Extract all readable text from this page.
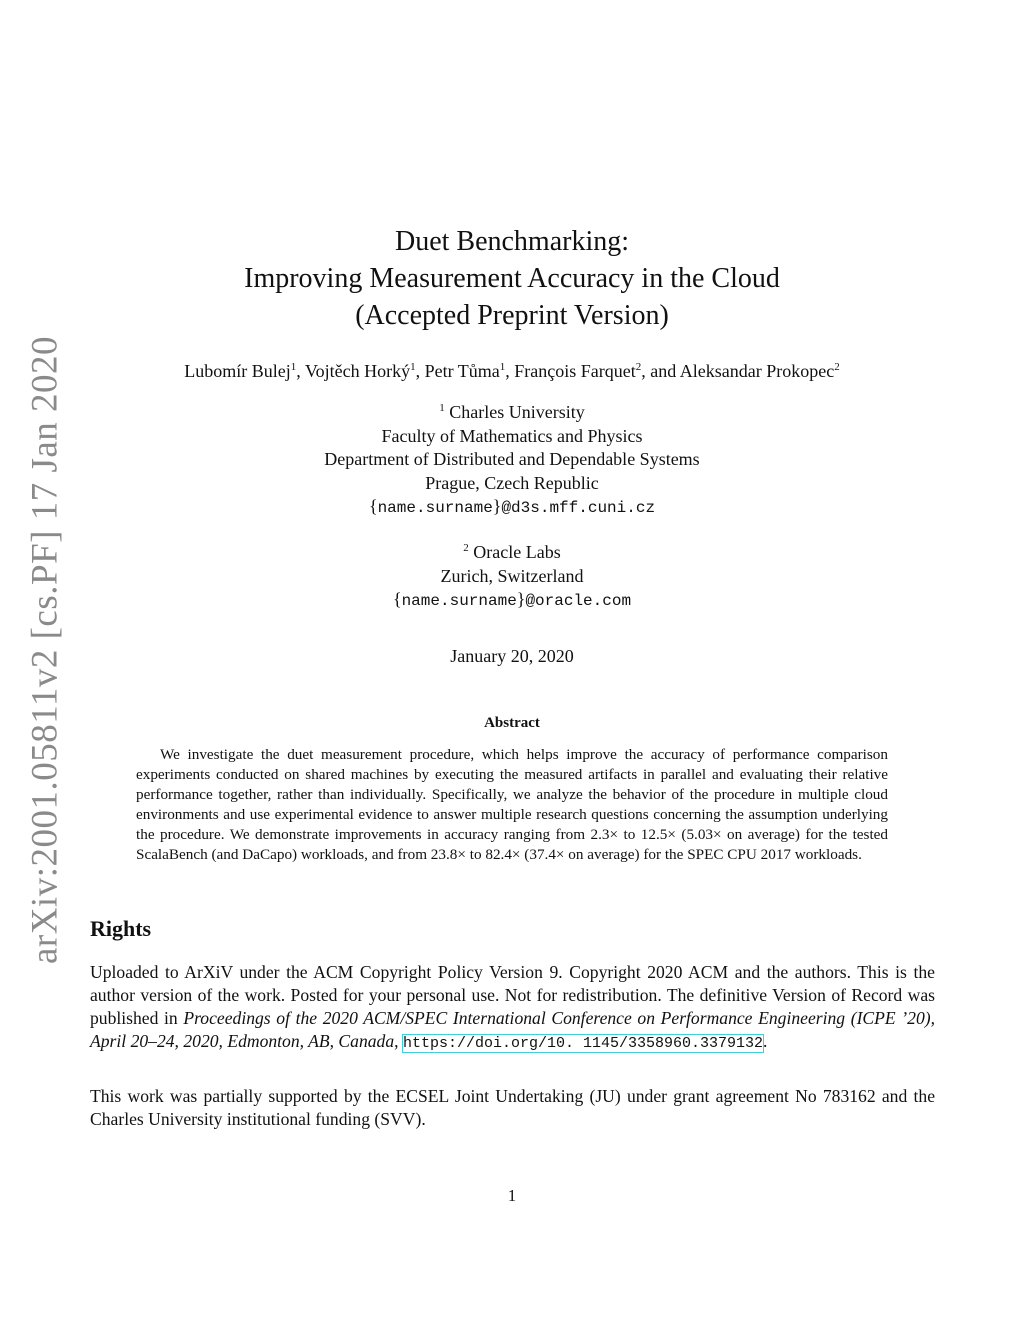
arXiv:2001.05811v2 [cs.PF] 17 Jan 2020
Duet Benchmarking:
Improving Measurement Accuracy in the Cloud
(Accepted Preprint Version)
Lubomír Bulej$^1$, Vojtěch Horký$^1$, Petr Tůma$^1$, François Farquet$^2$, and Aleksandar Prokopec$^2$
$^1$ Charles University
Faculty of Mathematics and Physics
Department of Distributed and Dependable Systems
Prague, Czech Republic
{name.surname}@d3s.mff.cuni.cz
$^2$ Oracle Labs
Zurich, Switzerland
{name.surname}@oracle.com
January 20, 2020
Abstract
We investigate the duet measurement procedure, which helps improve the accuracy of performance comparison experiments conducted on shared machines by executing the measured artifacts in parallel and evaluating their relative performance together, rather than individually. Specifically, we analyze the behavior of the procedure in multiple cloud environments and use experimental evidence to answer multiple research questions concerning the assumption underlying the procedure. We demonstrate improvements in accuracy ranging from 2.3× to 12.5× (5.03× on average) for the tested ScalaBench (and DaCapo) workloads, and from 23.8× to 82.4× (37.4× on average) for the SPEC CPU 2017 workloads.
Rights
Uploaded to ArXiV under the ACM Copyright Policy Version 9. Copyright 2020 ACM and the authors. This is the author version of the work. Posted for your personal use. Not for redistribution. The definitive Version of Record was published in Proceedings of the 2020 ACM/SPEC International Conference on Performance Engineering (ICPE ’20), April 20–24, 2020, Edmonton, AB, Canada, https://doi.org/10. 1145/3358960.3379132.
This work was partially supported by the ECSEL Joint Undertaking (JU) under grant agreement No 783162 and the Charles University institutional funding (SVV).
1
